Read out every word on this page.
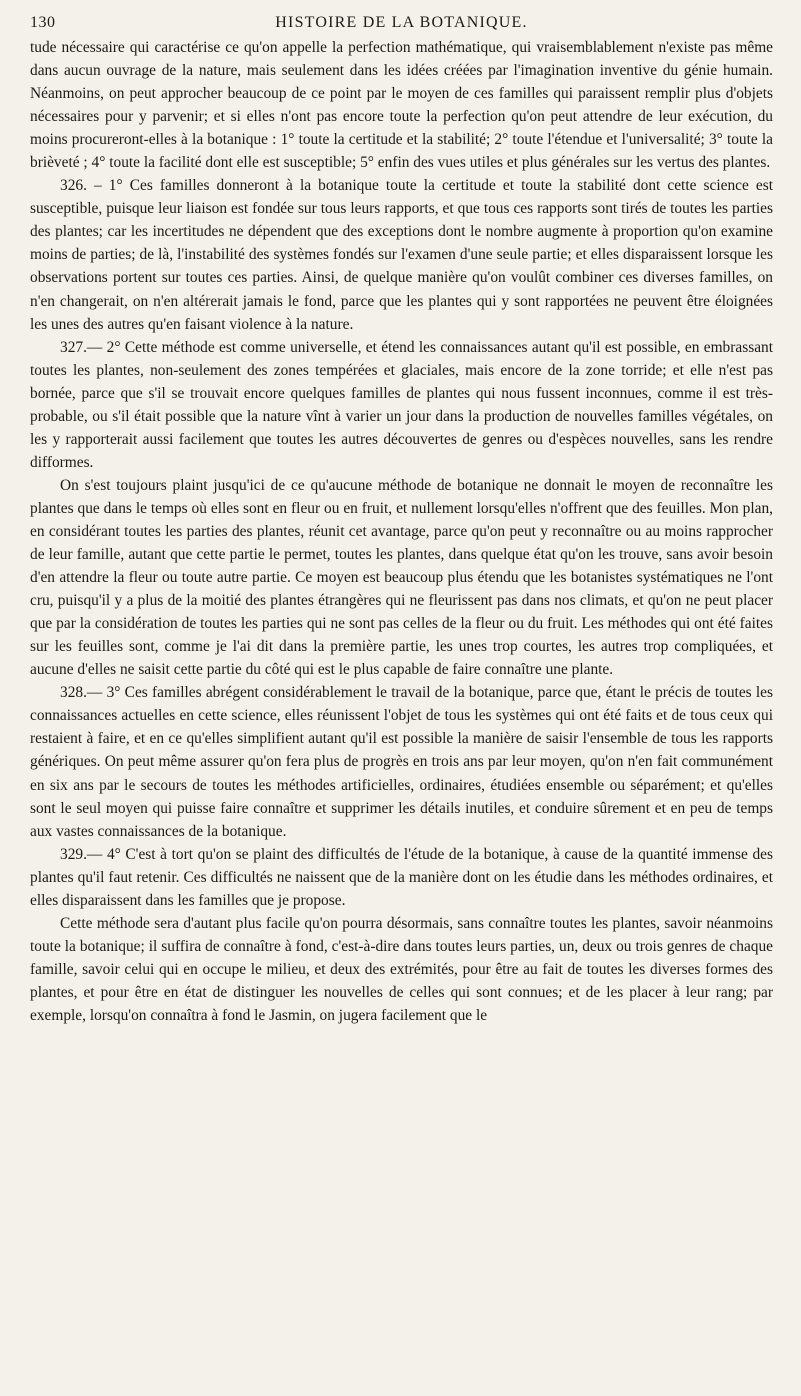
130	HISTOIRE DE LA BOTANIQUE.

tude nécessaire qui caractérise ce qu'on appelle la perfection mathématique, qui vraisemblablement n'existe pas même dans aucun ouvrage de la nature, mais seulement dans les idées créées par l'imagination inventive du génie humain. Néanmoins, on peut approcher beaucoup de ce point par le moyen de ces familles qui paraissent remplir plus d'objets nécessaires pour y parvenir; et si elles n'ont pas encore toute la perfection qu'on peut attendre de leur exécution, du moins procureront-elles à la botanique : 1° toute la certitude et la stabilité; 2° toute l'étendue et l'universalité; 3° toute la brièveté ; 4° toute la facilité dont elle est susceptible; 5° enfin des vues utiles et plus générales sur les vertus des plantes.

326. – 1° Ces familles donneront à la botanique toute la certitude et toute la stabilité dont cette science est susceptible, puisque leur liaison est fondée sur tous leurs rapports, et que tous ces rapports sont tirés de toutes les parties des plantes; car les incertitudes ne dépendent que des exceptions dont le nombre augmente à proportion qu'on examine moins de parties; de là, l'instabilité des systèmes fondés sur l'examen d'une seule partie; et elles disparaissent lorsque les observations portent sur toutes ces parties. Ainsi, de quelque manière qu'on voulût combiner ces diverses familles, on n'en changerait, on n'en altérerait jamais le fond, parce que les plantes qui y sont rapportées ne peuvent être éloignées les unes des autres qu'en faisant violence à la nature.

327.— 2° Cette méthode est comme universelle, et étend les connaissances autant qu'il est possible, en embrassant toutes les plantes, non-seulement des zones tempérées et glaciales, mais encore de la zone torride; et elle n'est pas bornée, parce que s'il se trouvait encore quelques familles de plantes qui nous fussent inconnues, comme il est très-probable, ou s'il était possible que la nature vînt à varier un jour dans la production de nouvelles familles végétales, on les y rapporterait aussi facilement que toutes les autres découvertes de genres ou d'espèces nouvelles, sans les rendre difformes.

On s'est toujours plaint jusqu'ici de ce qu'aucune méthode de botanique ne donnait le moyen de reconnaître les plantes que dans le temps où elles sont en fleur ou en fruit, et nullement lorsqu'elles n'offrent que des feuilles. Mon plan, en considérant toutes les parties des plantes, réunit cet avantage, parce qu'on peut y reconnaître ou au moins rapprocher de leur famille, autant que cette partie le permet, toutes les plantes, dans quelque état qu'on les trouve, sans avoir besoin d'en attendre la fleur ou toute autre partie. Ce moyen est beaucoup plus étendu que les botanistes systématiques ne l'ont cru, puisqu'il y a plus de la moitié des plantes étrangères qui ne fleurissent pas dans nos climats, et qu'on ne peut placer que par la considération de toutes les parties qui ne sont pas celles de la fleur ou du fruit. Les méthodes qui ont été faites sur les feuilles sont, comme je l'ai dit dans la première partie, les unes trop courtes, les autres trop compliquées, et aucune d'elles ne saisit cette partie du côté qui est le plus capable de faire connaître une plante.

328.— 3° Ces familles abrégent considérablement le travail de la botanique, parce que, étant le précis de toutes les connaissances actuelles en cette science, elles réunissent l'objet de tous les systèmes qui ont été faits et de tous ceux qui restaient à faire, et en ce qu'elles simplifient autant qu'il est possible la manière de saisir l'ensemble de tous les rapports génériques. On peut même assurer qu'on fera plus de progrès en trois ans par leur moyen, qu'on n'en fait communément en six ans par le secours de toutes les méthodes artificielles, ordinaires, étudiées ensemble ou séparément; et qu'elles sont le seul moyen qui puisse faire connaître et supprimer les détails inutiles, et conduire sûrement et en peu de temps aux vastes connaissances de la botanique.

329.— 4° C'est à tort qu'on se plaint des difficultés de l'étude de la botanique, à cause de la quantité immense des plantes qu'il faut retenir. Ces difficultés ne naissent que de la manière dont on les étudie dans les méthodes ordinaires, et elles disparaissent dans les familles que je propose.

Cette méthode sera d'autant plus facile qu'on pourra désormais, sans connaître toutes les plantes, savoir néanmoins toute la botanique; il suffira de connaître à fond, c'est-à-dire dans toutes leurs parties, un, deux ou trois genres de chaque famille, savoir celui qui en occupe le milieu, et deux des extrémités, pour être au fait de toutes les diverses formes des plantes, et pour être en état de distinguer les nouvelles de celles qui sont connues; et de les placer à leur rang; par exemple, lorsqu'on connaîtra à fond le Jasmin, on jugera facilement que le
